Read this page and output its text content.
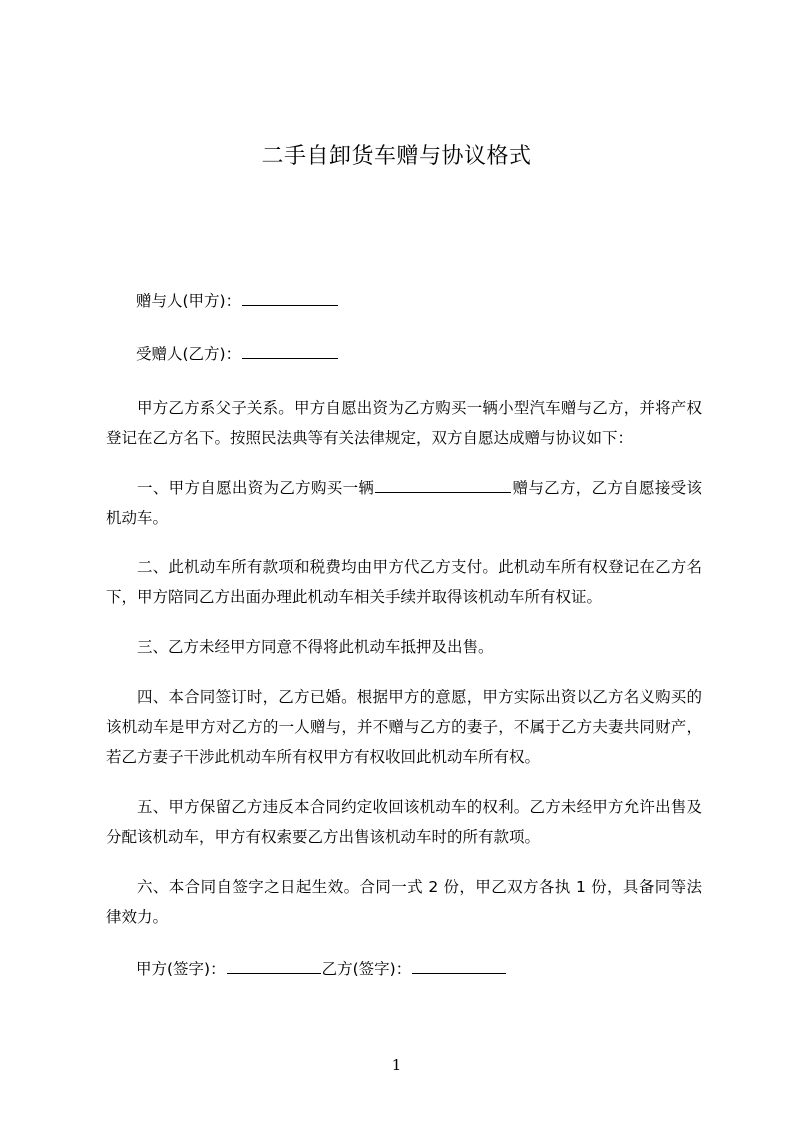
二手自卸货车赠与协议格式
赠与人(甲方)：
受赠人(乙方)：
甲方乙方系父子关系。甲方自愿出资为乙方购买一辆小型汽车赠与乙方，并将产权登记在乙方名下。按照民法典等有关法律规定，双方自愿达成赠与协议如下：
一、甲方自愿出资为乙方购买一辆	赠与乙方，乙方自愿接受该机动车。
二、此机动车所有款项和税费均由甲方代乙方支付。此机动车所有权登记在乙方名下，甲方陪同乙方出面办理此机动车相关手续并取得该机动车所有权证。
三、乙方未经甲方同意不得将此机动车抵押及出售。
四、本合同签订时，乙方已婚。根据甲方的意愿，甲方实际出资以乙方名义购买的该机动车是甲方对乙方的一人赠与，并不赠与乙方的妻子，不属于乙方夫妻共同财产，若乙方妻子干涉此机动车所有权甲方有权收回此机动车所有权。
五、甲方保留乙方违反本合同约定收回该机动车的权利。乙方未经甲方允许出售及分配该机动车，甲方有权索要乙方出售该机动车时的所有款项。
六、本合同自签字之日起生效。合同一式 2 份，甲乙双方各执 1 份，具备同等法律效力。
甲方(签字)：	乙方(签字)：
1
